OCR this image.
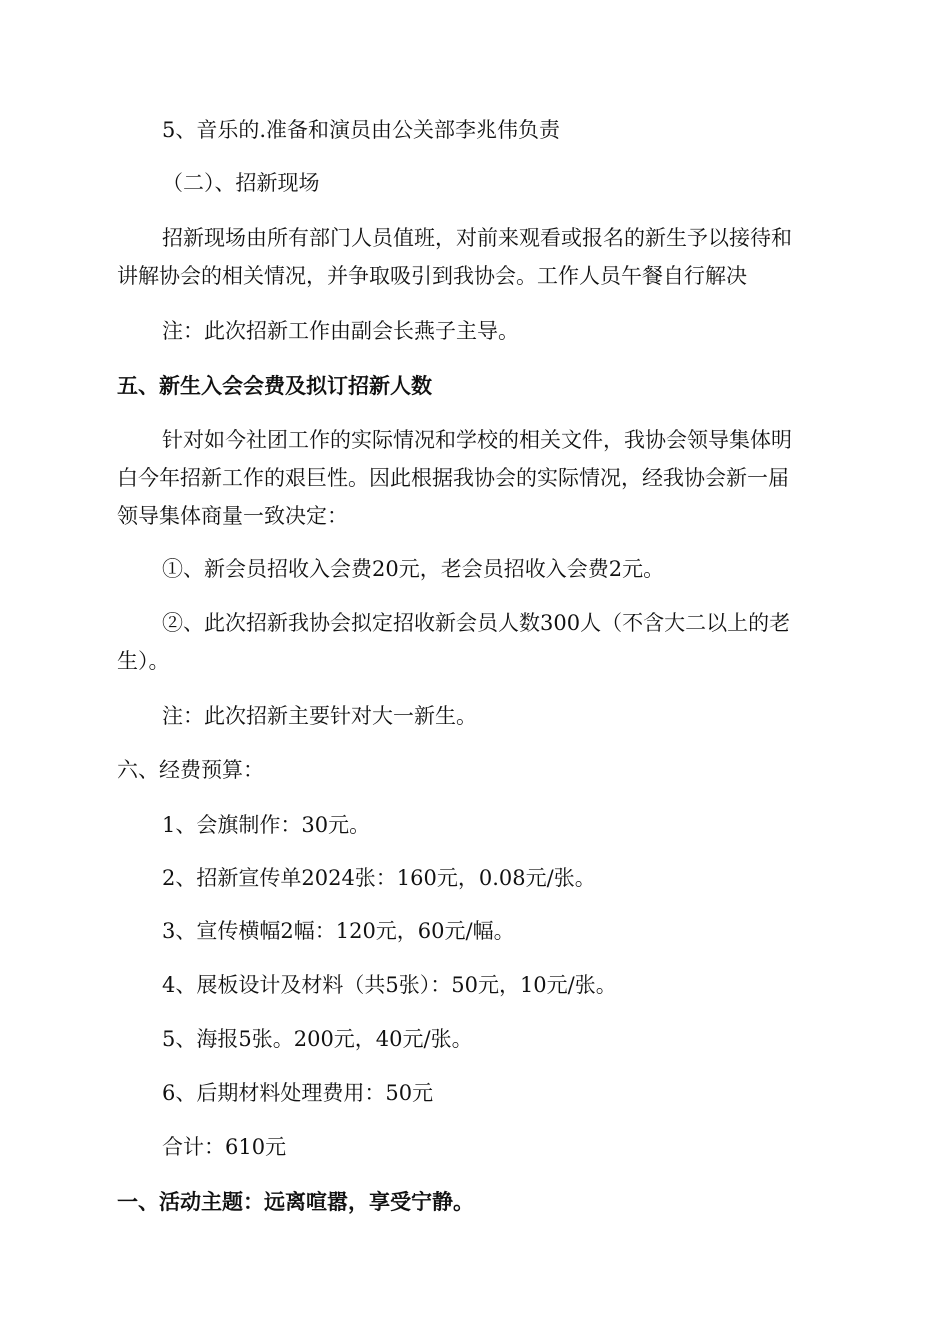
5、音乐的.准备和演员由公关部李兆伟负责
（二）、招新现场
招新现场由所有部门人员值班，对前来观看或报名的新生予以接待和
讲解协会的相关情况，并争取吸引到我协会。工作人员午餐自行解决
注：此次招新工作由副会长燕子主导。
五、新生入会会费及拟订招新人数
针对如今社团工作的实际情况和学校的相关文件，我协会领导集体明
白今年招新工作的艰巨性。因此根据我协会的实际情况，经我协会新一届
领导集体商量一致决定：
①、新会员招收入会费20元，老会员招收入会费2元。
②、此次招新我协会拟定招收新会员人数300人（不含大二以上的老
生）。
注：此次招新主要针对大一新生。
六、经费预算：
1、会旗制作：30元。
2、招新宣传单2024张：160元，0.08元/张。
3、宣传横幅2幅：120元，60元/幅。
4、展板设计及材料（共5张）：50元，10元/张。
5、海报5张。200元，40元/张。
6、后期材料处理费用：50元
合计：610元
一、活动主题：远离喧嚣，享受宁静。
